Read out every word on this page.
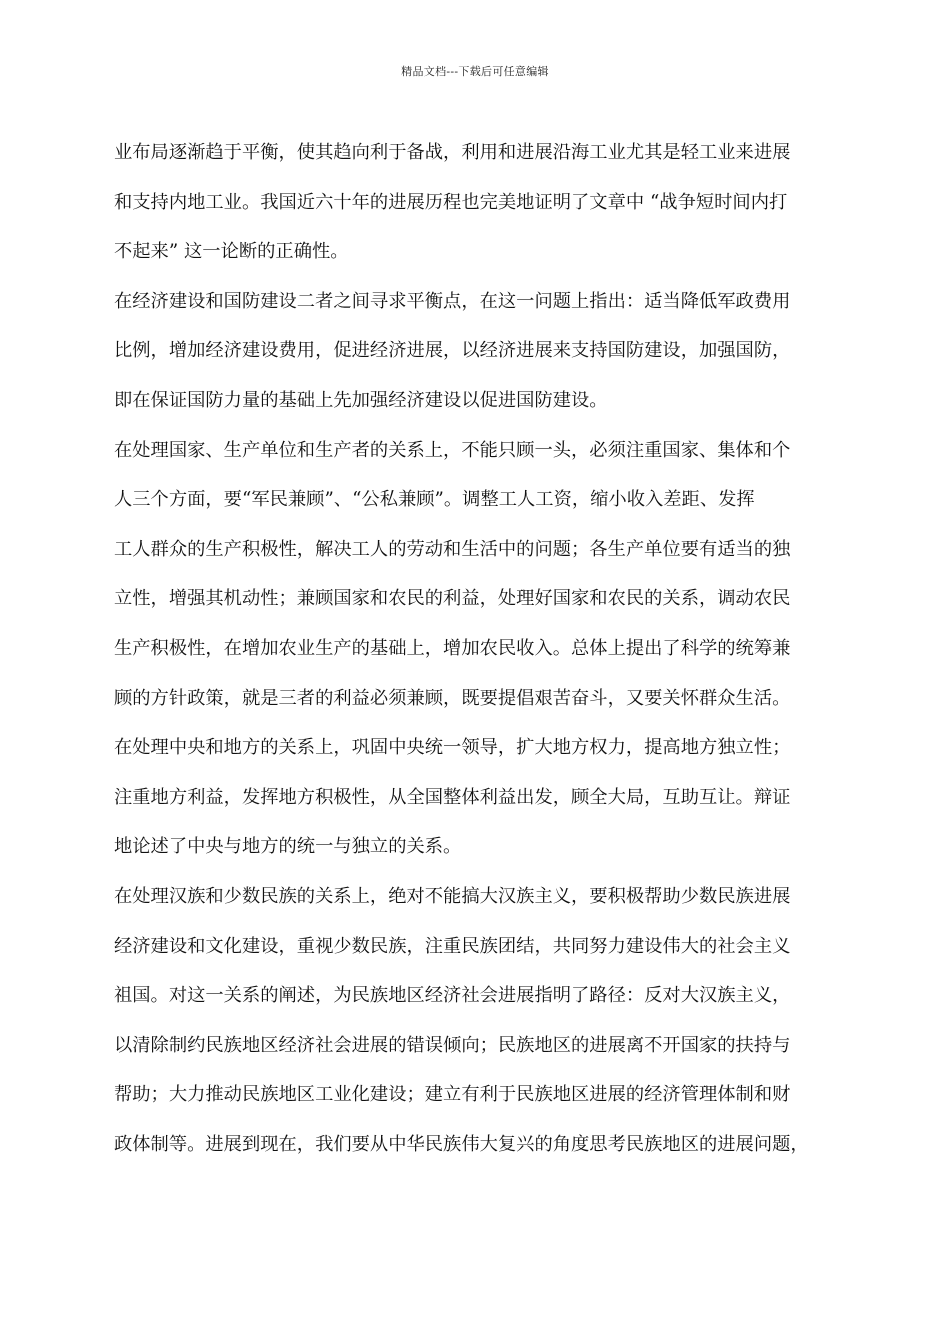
精品文档---下载后可任意编辑
业布局逐渐趋于平衡，使其趋向利于备战，利用和进展沿海工业尤其是轻工业来进展
和支持内地工业。我国近六十年的进展历程也完美地证明了文章中 “战争短时间内打
不起来” 这一论断的正确性。
在经济建设和国防建设二者之间寻求平衡点，在这一问题上指出：适当降低军政费用
比例，增加经济建设费用，促进经济进展，以经济进展来支持国防建设，加强国防，
即在保证国防力量的基础上先加强经济建设以促进国防建设。
在处理国家、生产单位和生产者的关系上，不能只顾一头，必须注重国家、集体和个
人三个方面，要“军民兼顾”、“公私兼顾”。调整工人工资，缩小收入差距、发挥
工人群众的生产积极性，解决工人的劳动和生活中的问题；各生产单位要有适当的独
立性，增强其机动性；兼顾国家和农民的利益，处理好国家和农民的关系，调动农民
生产积极性，在增加农业生产的基础上，增加农民收入。总体上提出了科学的统筹兼
顾的方针政策，就是三者的利益必须兼顾，既要提倡艰苦奋斗，又要关怀群众生活。
在处理中央和地方的关系上，巩固中央统一领导，扩大地方权力，提高地方独立性；
注重地方利益，发挥地方积极性，从全国整体利益出发，顾全大局，互助互让。辩证
地论述了中央与地方的统一与独立的关系。
在处理汉族和少数民族的关系上，绝对不能搞大汉族主义，要积极帮助少数民族进展
经济建设和文化建设，重视少数民族，注重民族团结，共同努力建设伟大的社会主义
祖国。对这一关系的阐述，为民族地区经济社会进展指明了路径：反对大汉族主义，
以清除制约民族地区经济社会进展的错误倾向；民族地区的进展离不开国家的扶持与
帮助；大力推动民族地区工业化建设；建立有利于民族地区进展的经济管理体制和财
政体制等。进展到现在，我们要从中华民族伟大复兴的角度思考民族地区的进展问题，
